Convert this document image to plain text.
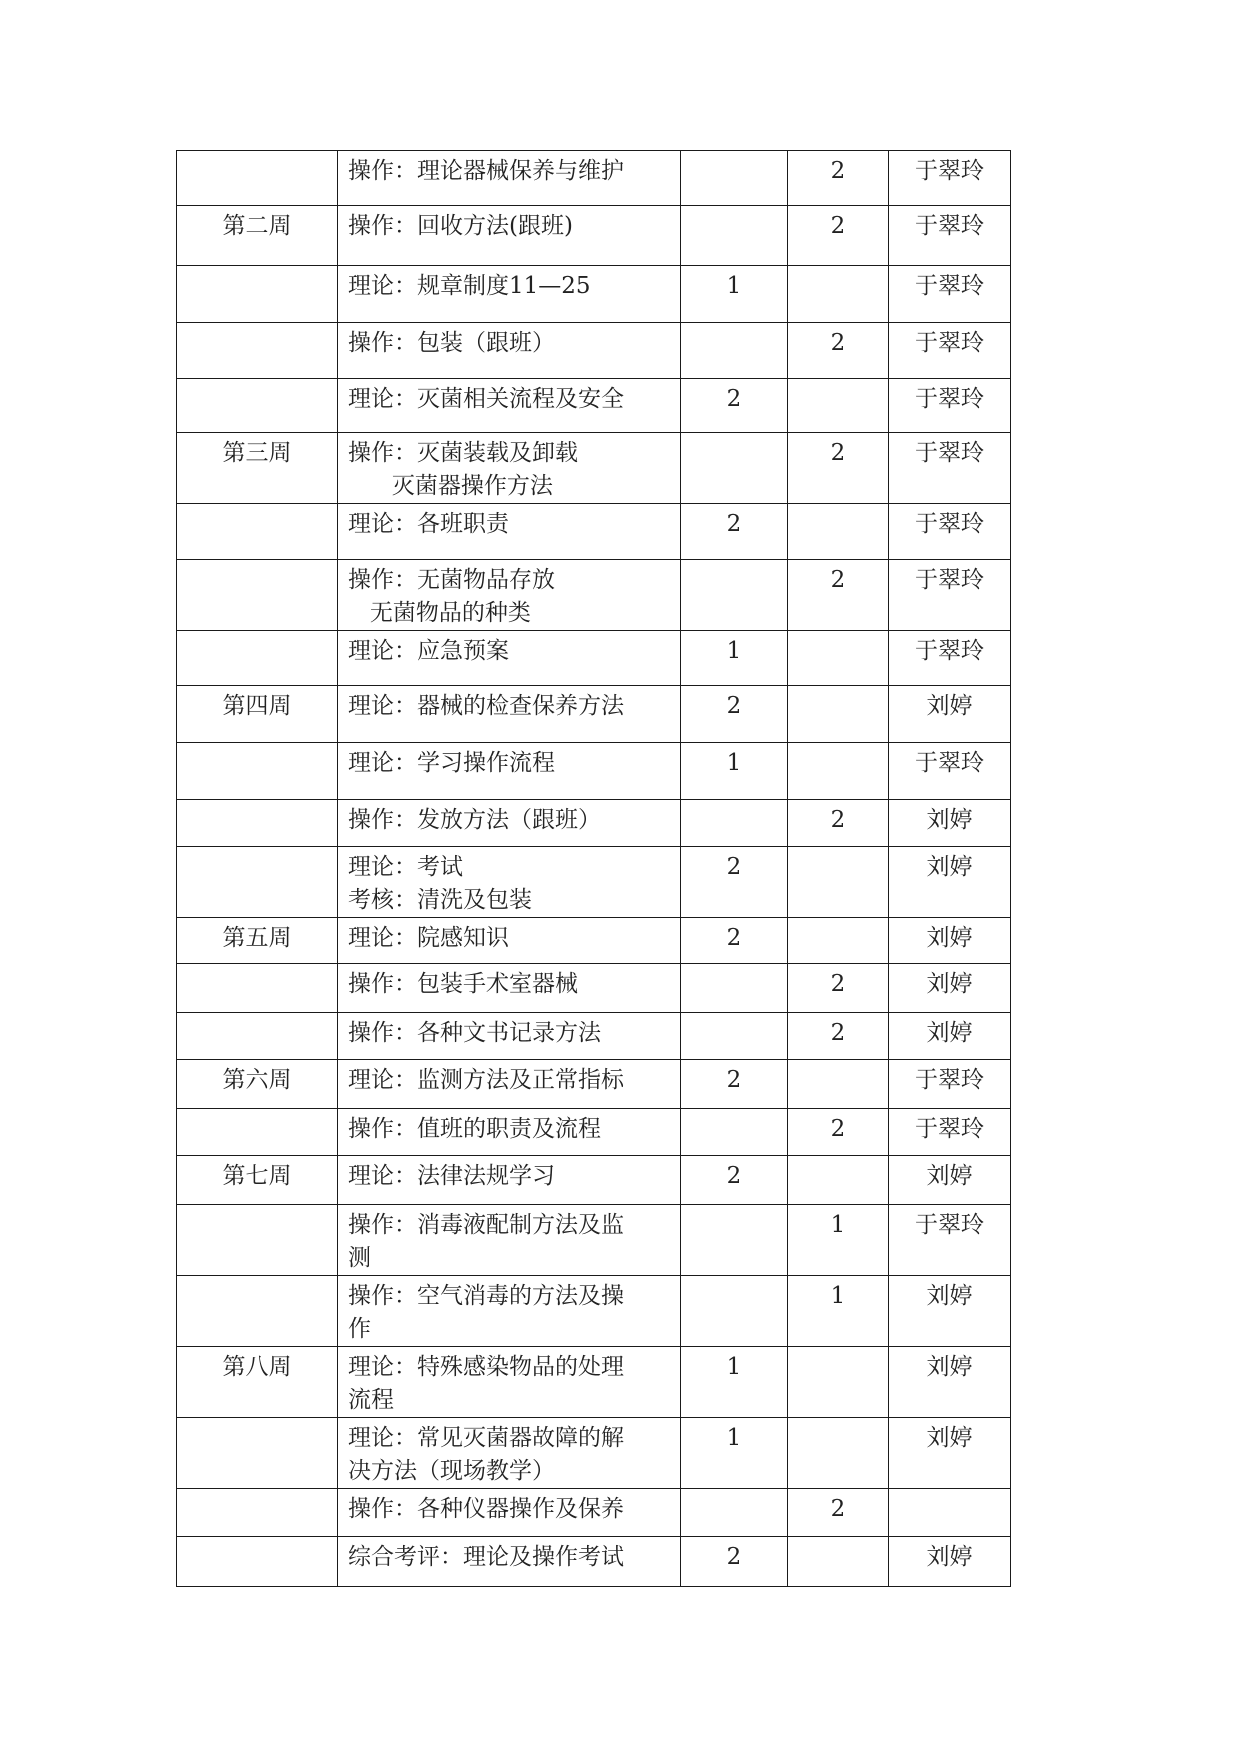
	操作：理论器械保养与维护		2	于翠玲
第二周	操作：回收方法(跟班)		2	于翠玲

	理论：规章制度11—25	1		于翠玲

	操作：包装（跟班）		2	于翠玲

	理论：灭菌相关流程及安全	2		于翠玲
第三周	操作：灭菌装载及卸载
灭菌器操作方法		2	于翠玲

	理论：各班职责	2		于翠玲

	操作：无菌物品存放
无菌物品的种类		2	于翠玲

	理论：应急预案	1		于翠玲
第四周	理论：器械的检查保养方法	2		刘婷

	理论：学习操作流程	1		于翠玲

	操作：发放方法（跟班）		2	刘婷

	理论：考试
考核：清洗及包装	2		刘婷
第五周	理论：院感知识	2		刘婷

	操作：包装手术室器械		2	刘婷

	操作：各种文书记录方法		2	刘婷
第六周	理论：监测方法及正常指标	2		于翠玲

	操作：值班的职责及流程		2	于翠玲
第七周	理论：法律法规学习	2		刘婷

	操作：消毒液配制方法及监
测		1	于翠玲

	操作：空气消毒的方法及操
作		1	刘婷
第八周	理论：特殊感染物品的处理
流程	1		刘婷

	理论：常见灭菌器故障的解
决方法（现场教学）	1		刘婷

	操作：各种仪器操作及保养		2	

	综合考评：理论及操作考试	2		刘婷
